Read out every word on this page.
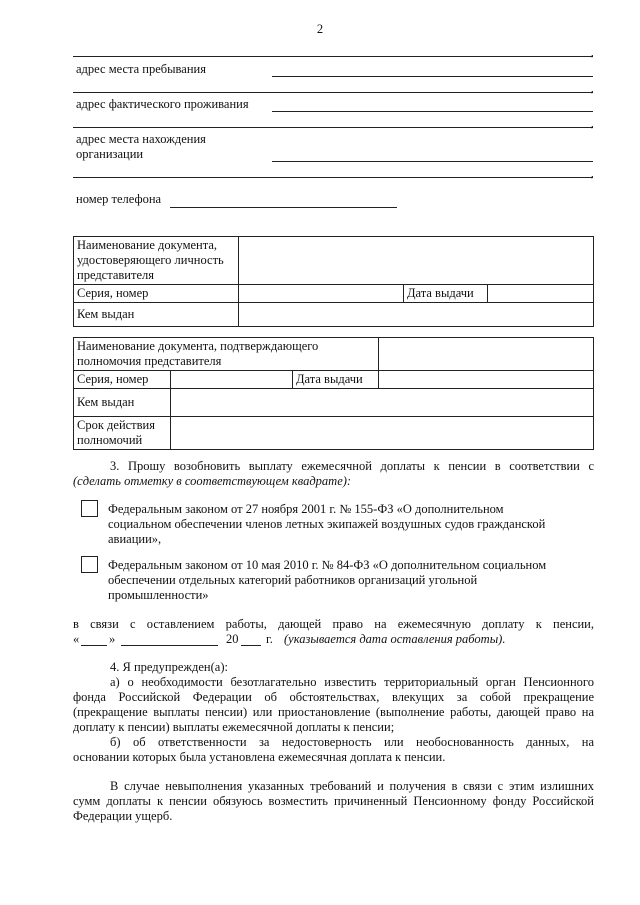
2
,
адрес места пребывания
,
адрес фактического проживания
,
адрес места нахождения
организации
,
номер телефона
Наименование документа,
удостоверяющего личность
представителя			

Серия, номер		Дата выдачи	
Кем выдан			
Наименование документа, подтверждающего
полномочия представителя			

Серия, номер		Дата выдачи	
Кем выдан			

Срок действия
полномочий			

3. Прошу возобновить выплату ежемесячной доплаты к пенсии в соответствии с
(сделать отметку в соответствующем квадрате):
Федеральным законом от 27 ноября 2001 г. № 155-ФЗ «О дополнительном
социальном обеспечении членов летных экипажей воздушных судов гражданской
авиации»,
Федеральным законом от 10 мая 2010 г. № 84-ФЗ «О дополнительном социальном
обеспечении отдельных категорий работников организаций угольной
промышленности»
в связи с оставлением работы, дающей право на ежемесячную доплату к пенсии,
« »	20 г. (указывается дата оставления работы).
4. Я предупрежден(а):
а) о необходимости безотлагательно известить территориальный орган Пенсионного
фонда Российской Федерации об обстоятельствах, влекущих за собой прекращение
(прекращение выплаты пенсии) или приостановление (выполнение работы, дающей право на
доплату к пенсии) выплаты ежемесячной доплаты к пенсии;
б) об ответственности за недостоверность или необоснованность данных, на
основании которых была установлена ежемесячная доплата к пенсии.
В случае невыполнения указанных требований и получения в связи с этим излишних
сумм доплаты к пенсии обязуюсь возместить причиненный Пенсионному фонду Российской
Федерации ущерб.
